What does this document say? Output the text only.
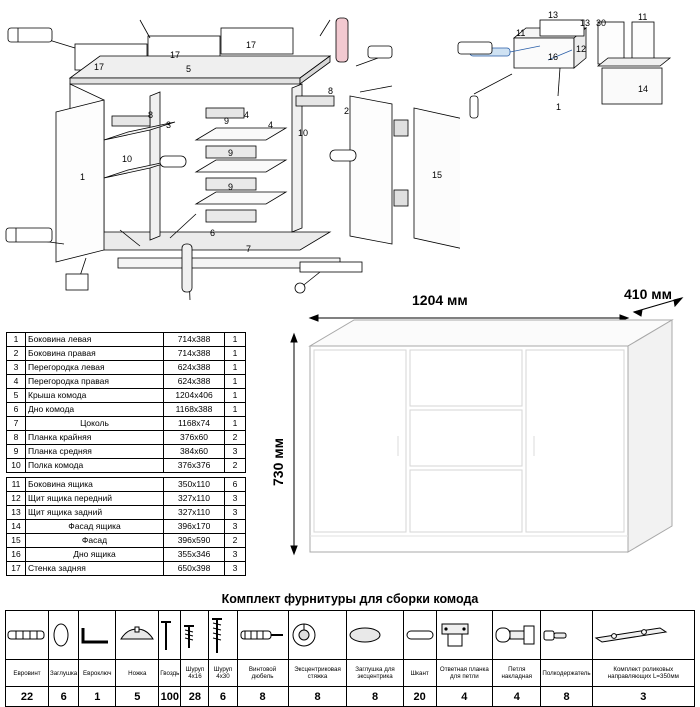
17
17
17
5
8
1
10
3	9
4
4
9
9
10
8
2
6
7
15
11
13
13 30
12
11
14
16
1
1	Боковина левая	714х388	1
2	Боковина правая	714х388	1
3	Перегородка левая	624х388	1
4	Перегородка правая	624х388	1
5	Крыша комода	1204х406	1
6	Дно комода	1168х388	1
7	Цоколь	1168х74	1
8	Планка крайняя	376х60	2
9	Планка средняя	384х60	3
10	Полка комода	376х376	2

11	Боковина ящика	350х110	6
12	Щит ящика передний	327х110	3
13	Щит ящика задний	327х110	3
14	Фасад ящика	396х170	3
15	Фасад	396х590	2
16	Дно ящика	355х346	3
17	Стенка задняя	650х398	3
1204 мм	410 мм
730 мм
Комплект фурнитуры для сборки комода

Евровинт	Заглушка	Евроключ	Ножка	Гвоздь	Шуруп 4х16	Шуруп 4х30	Винтовой дюбель	Эксцентриковая стяжка	Заглушка для эксцентрика	Шкант	Ответная планка для петли	Петля накладная	Полкодержатель	Комплект роликовых направляющих L=350мм
22	6	1	5	100	28	6	8	8	8	20	4	4	8	3
